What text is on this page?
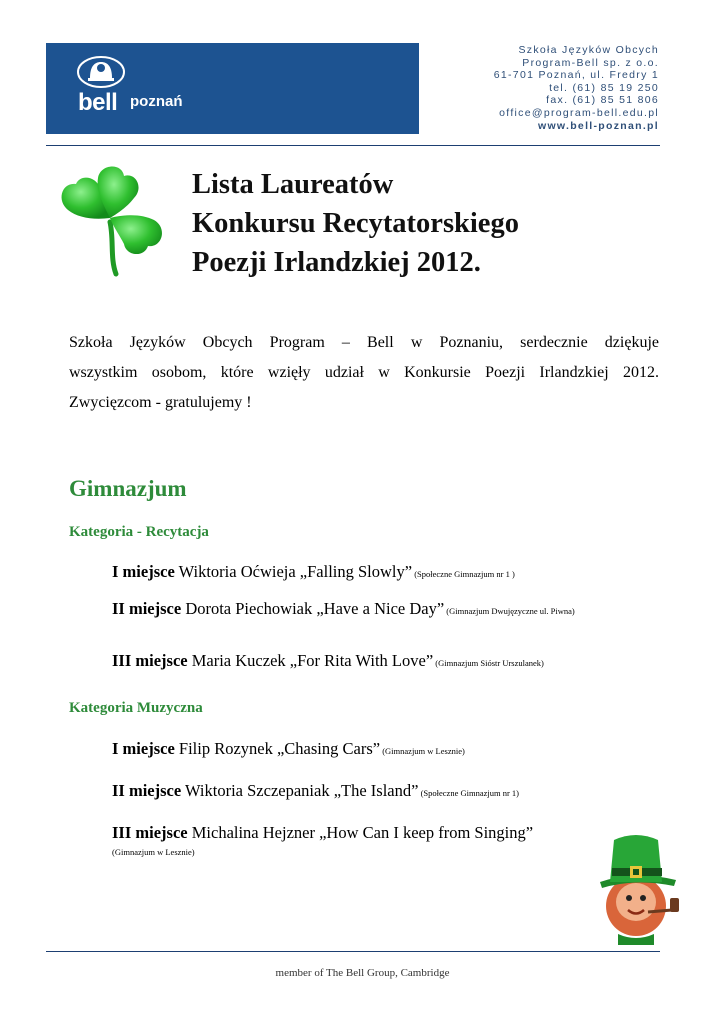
bell poznań
Szkoła Języków Obcych
Program-Bell sp. z o.o.
61-701 Poznań, ul. Fredry 1
tel. (61) 85 19 250
fax. (61) 85 51 806
office@program-bell.edu.pl
www.bell-poznan.pl
Lista Laureatów
Konkursu Recytatorskiego
Poezji Irlandzkiej 2012.

Szkoła Języków Obcych Program – Bell w Poznaniu, serdecznie dziękuje

wszystkim osobom, które wzięły udział w Konkursie Poezji Irlandzkiej 2012.

Zwycięzcom - gratulujemy !

Gimnazjum
Kategoria - Recytacja
I miejsce Wiktoria Oćwieja „Falling Slowly” (Społeczne Gimnazjum nr 1 )
II miejsce Dorota Piechowiak „Have a Nice Day” (Gimnazjum Dwujęzyczne ul. Piwna)
III miejsce Maria Kuczek „For Rita With Love” (Gimnazjum Sióstr Urszulanek)
Kategoria Muzyczna
I miejsce Filip Rozynek „Chasing Cars” (Gimnazjum w Lesznie)
II miejsce Wiktoria Szczepaniak „The Island” (Społeczne Gimnazjum nr 1)
III miejsce Michalina Hejzner „How Can I keep from Singing”
(Gimnazjum w Lesznie)
member of The Bell Group, Cambridge
